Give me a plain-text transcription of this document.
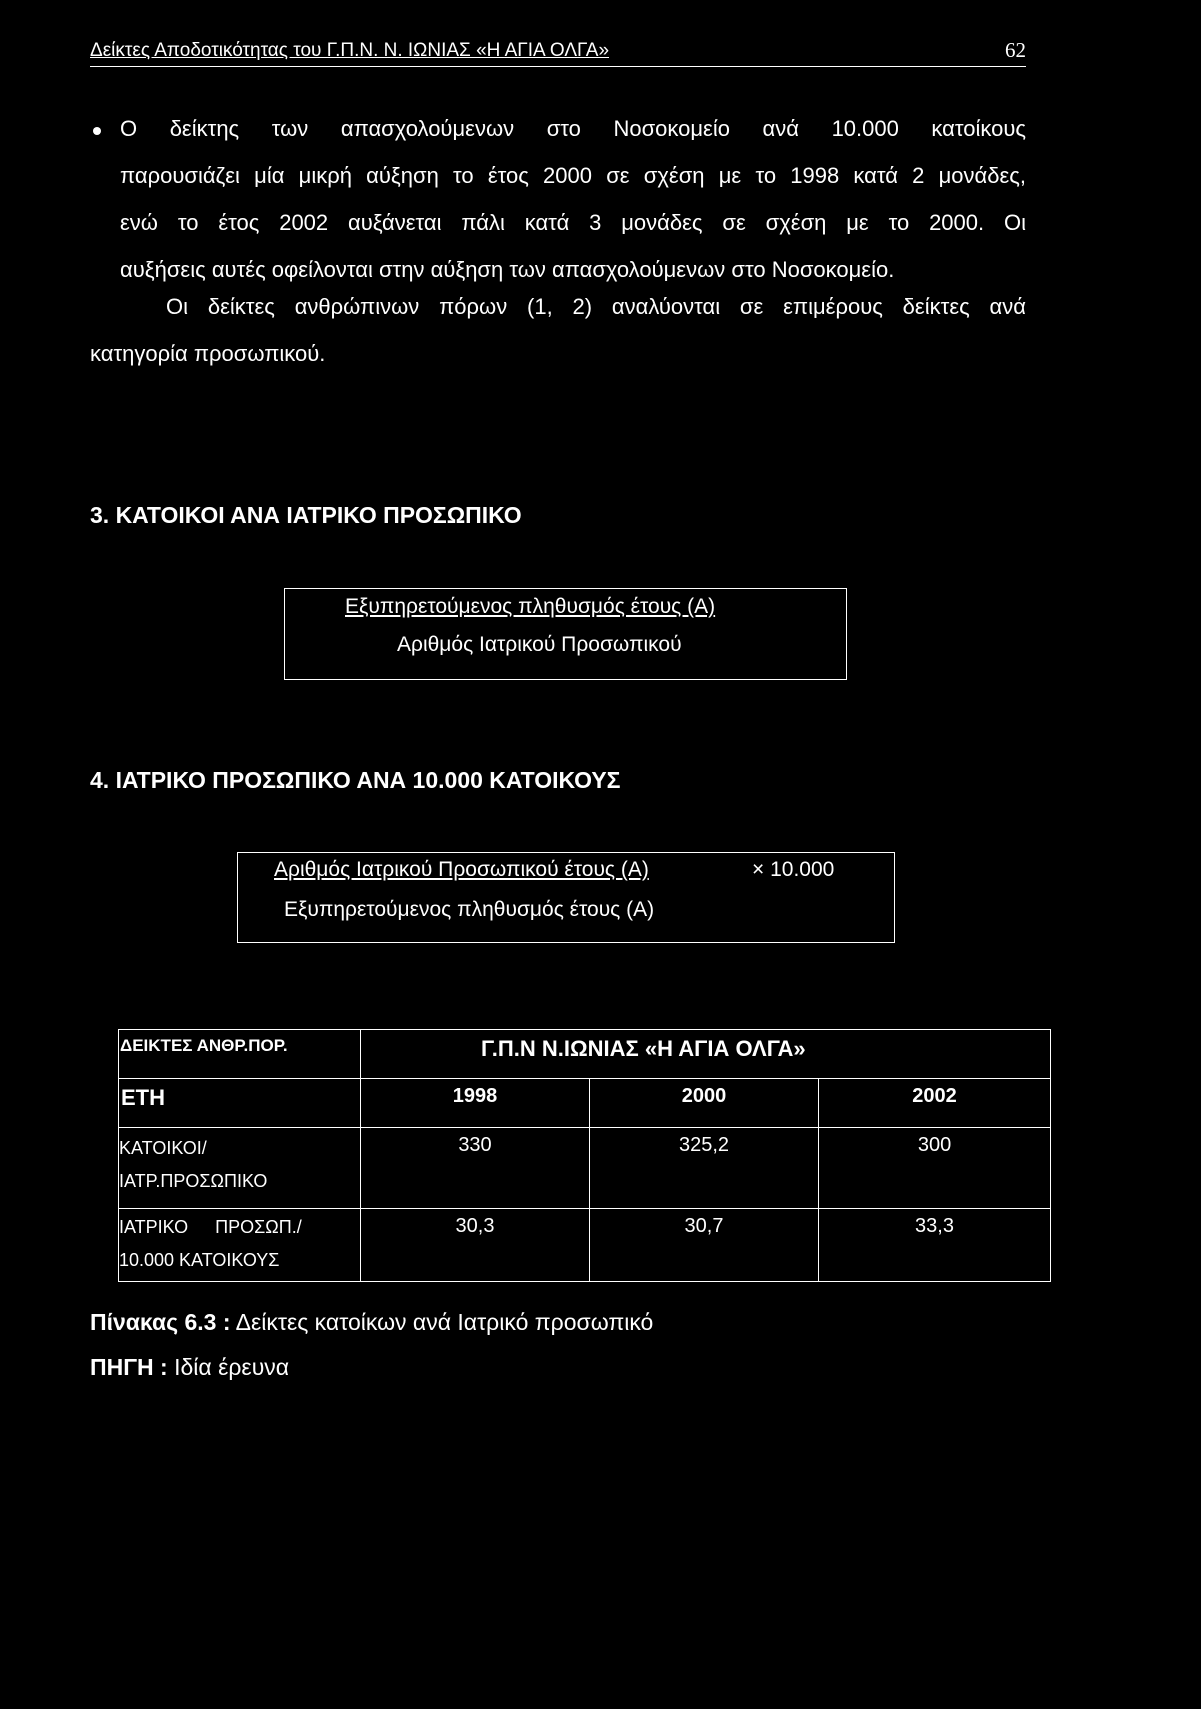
Δείκτες Αποδοτικότητας του Γ.Π.Ν. Ν. ΙΩΝΙΑΣ «Η ΑΓΙΑ ΟΛΓΑ»	62
Ο δείκτης των απασχολούμενων στο Νοσοκομείο ανά 10.000 κατοίκους
παρουσιάζει μία μικρή αύξηση το έτος 2000 σε σχέση με το 1998 κατά 2 μονάδες,
ενώ το έτος 2002 αυξάνεται πάλι κατά 3 μονάδες σε σχέση με το 2000. Οι
αυξήσεις αυτές οφείλονται στην αύξηση των απασχολούμενων στο Νοσοκομείο.
Οι δείκτες ανθρώπινων πόρων (1, 2) αναλύονται σε επιμέρους δείκτες ανά
κατηγορία προσωπικού.
3. ΚΑΤΟΙΚΟΙ ΑΝΑ ΙΑΤΡΙΚΟ ΠΡΟΣΩΠΙΚΟ
Εξυπηρετούμενος πληθυσμός έτους (Α)
Αριθμός Ιατρικού Προσωπικού
4. ΙΑΤΡΙΚΟ ΠΡΟΣΩΠΙΚΟ ΑΝΑ 10.000 ΚΑΤΟΙΚΟΥΣ
Αριθμός Ιατρικού Προσωπικού έτους (Α)	× 10.000
Εξυπηρετούμενος πληθυσμός έτους (Α)
ΔΕΙΚΤΕΣ ΑΝΘΡ.ΠΟΡ.	Γ.Π.Ν Ν.ΙΩΝΙΑΣ «Η ΑΓΙΑ ΟΛΓΑ»		
ΕΤΗ	1998	2000	2002

ΚΑΤΟΙΚΟΙ/
ΙΑΤΡ.ΠΡΟΣΩΠΙΚΟ	330	325,2	300

ΙΑΤΡΙΚΟ ΠΡΟΣΩΠ./
10.000 ΚΑΤΟΙΚΟΥΣ	30,3	30,7	33,3
Πίνακας 6.3 : Δείκτες κατοίκων ανά Ιατρικό προσωπικό
ΠΗΓΗ : Ιδία έρευνα
